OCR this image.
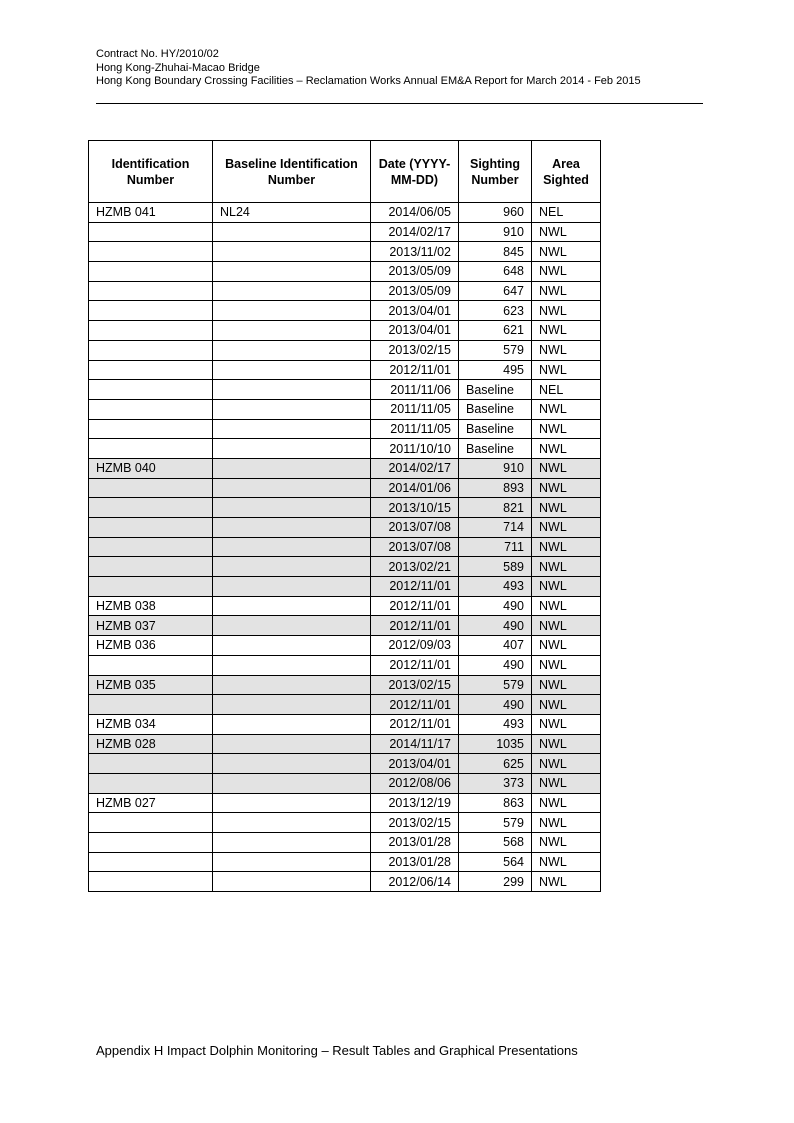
Contract No. HY/2010/02
Hong Kong-Zhuhai-Macao Bridge
Hong Kong Boundary Crossing Facilities – Reclamation Works Annual EM&A Report for March 2014 - Feb 2015
Identification Number	Baseline Identification Number	Date (YYYY-MM-DD)	Sighting Number	Area Sighted
HZMB 041	NL24	2014/06/05	960	NEL
		2014/02/17	910	NWL
		2013/11/02	845	NWL
		2013/05/09	648	NWL
		2013/05/09	647	NWL
		2013/04/01	623	NWL
		2013/04/01	621	NWL
		2013/02/15	579	NWL
		2012/11/01	495	NWL
		2011/11/06	Baseline	NEL
		2011/11/05	Baseline	NWL
		2011/11/05	Baseline	NWL
		2011/10/10	Baseline	NWL
HZMB 040		2014/02/17	910	NWL
		2014/01/06	893	NWL
		2013/10/15	821	NWL
		2013/07/08	714	NWL
		2013/07/08	711	NWL
		2013/02/21	589	NWL
		2012/11/01	493	NWL
HZMB 038		2012/11/01	490	NWL
HZMB 037		2012/11/01	490	NWL
HZMB 036		2012/09/03	407	NWL
		2012/11/01	490	NWL
HZMB 035		2013/02/15	579	NWL
		2012/11/01	490	NWL
HZMB 034		2012/11/01	493	NWL
HZMB 028		2014/11/17	1035	NWL
		2013/04/01	625	NWL
		2012/08/06	373	NWL
HZMB 027		2013/12/19	863	NWL
		2013/02/15	579	NWL
		2013/01/28	568	NWL
		2013/01/28	564	NWL
		2012/06/14	299	NWL
Appendix H Impact Dolphin Monitoring – Result Tables and Graphical Presentations
